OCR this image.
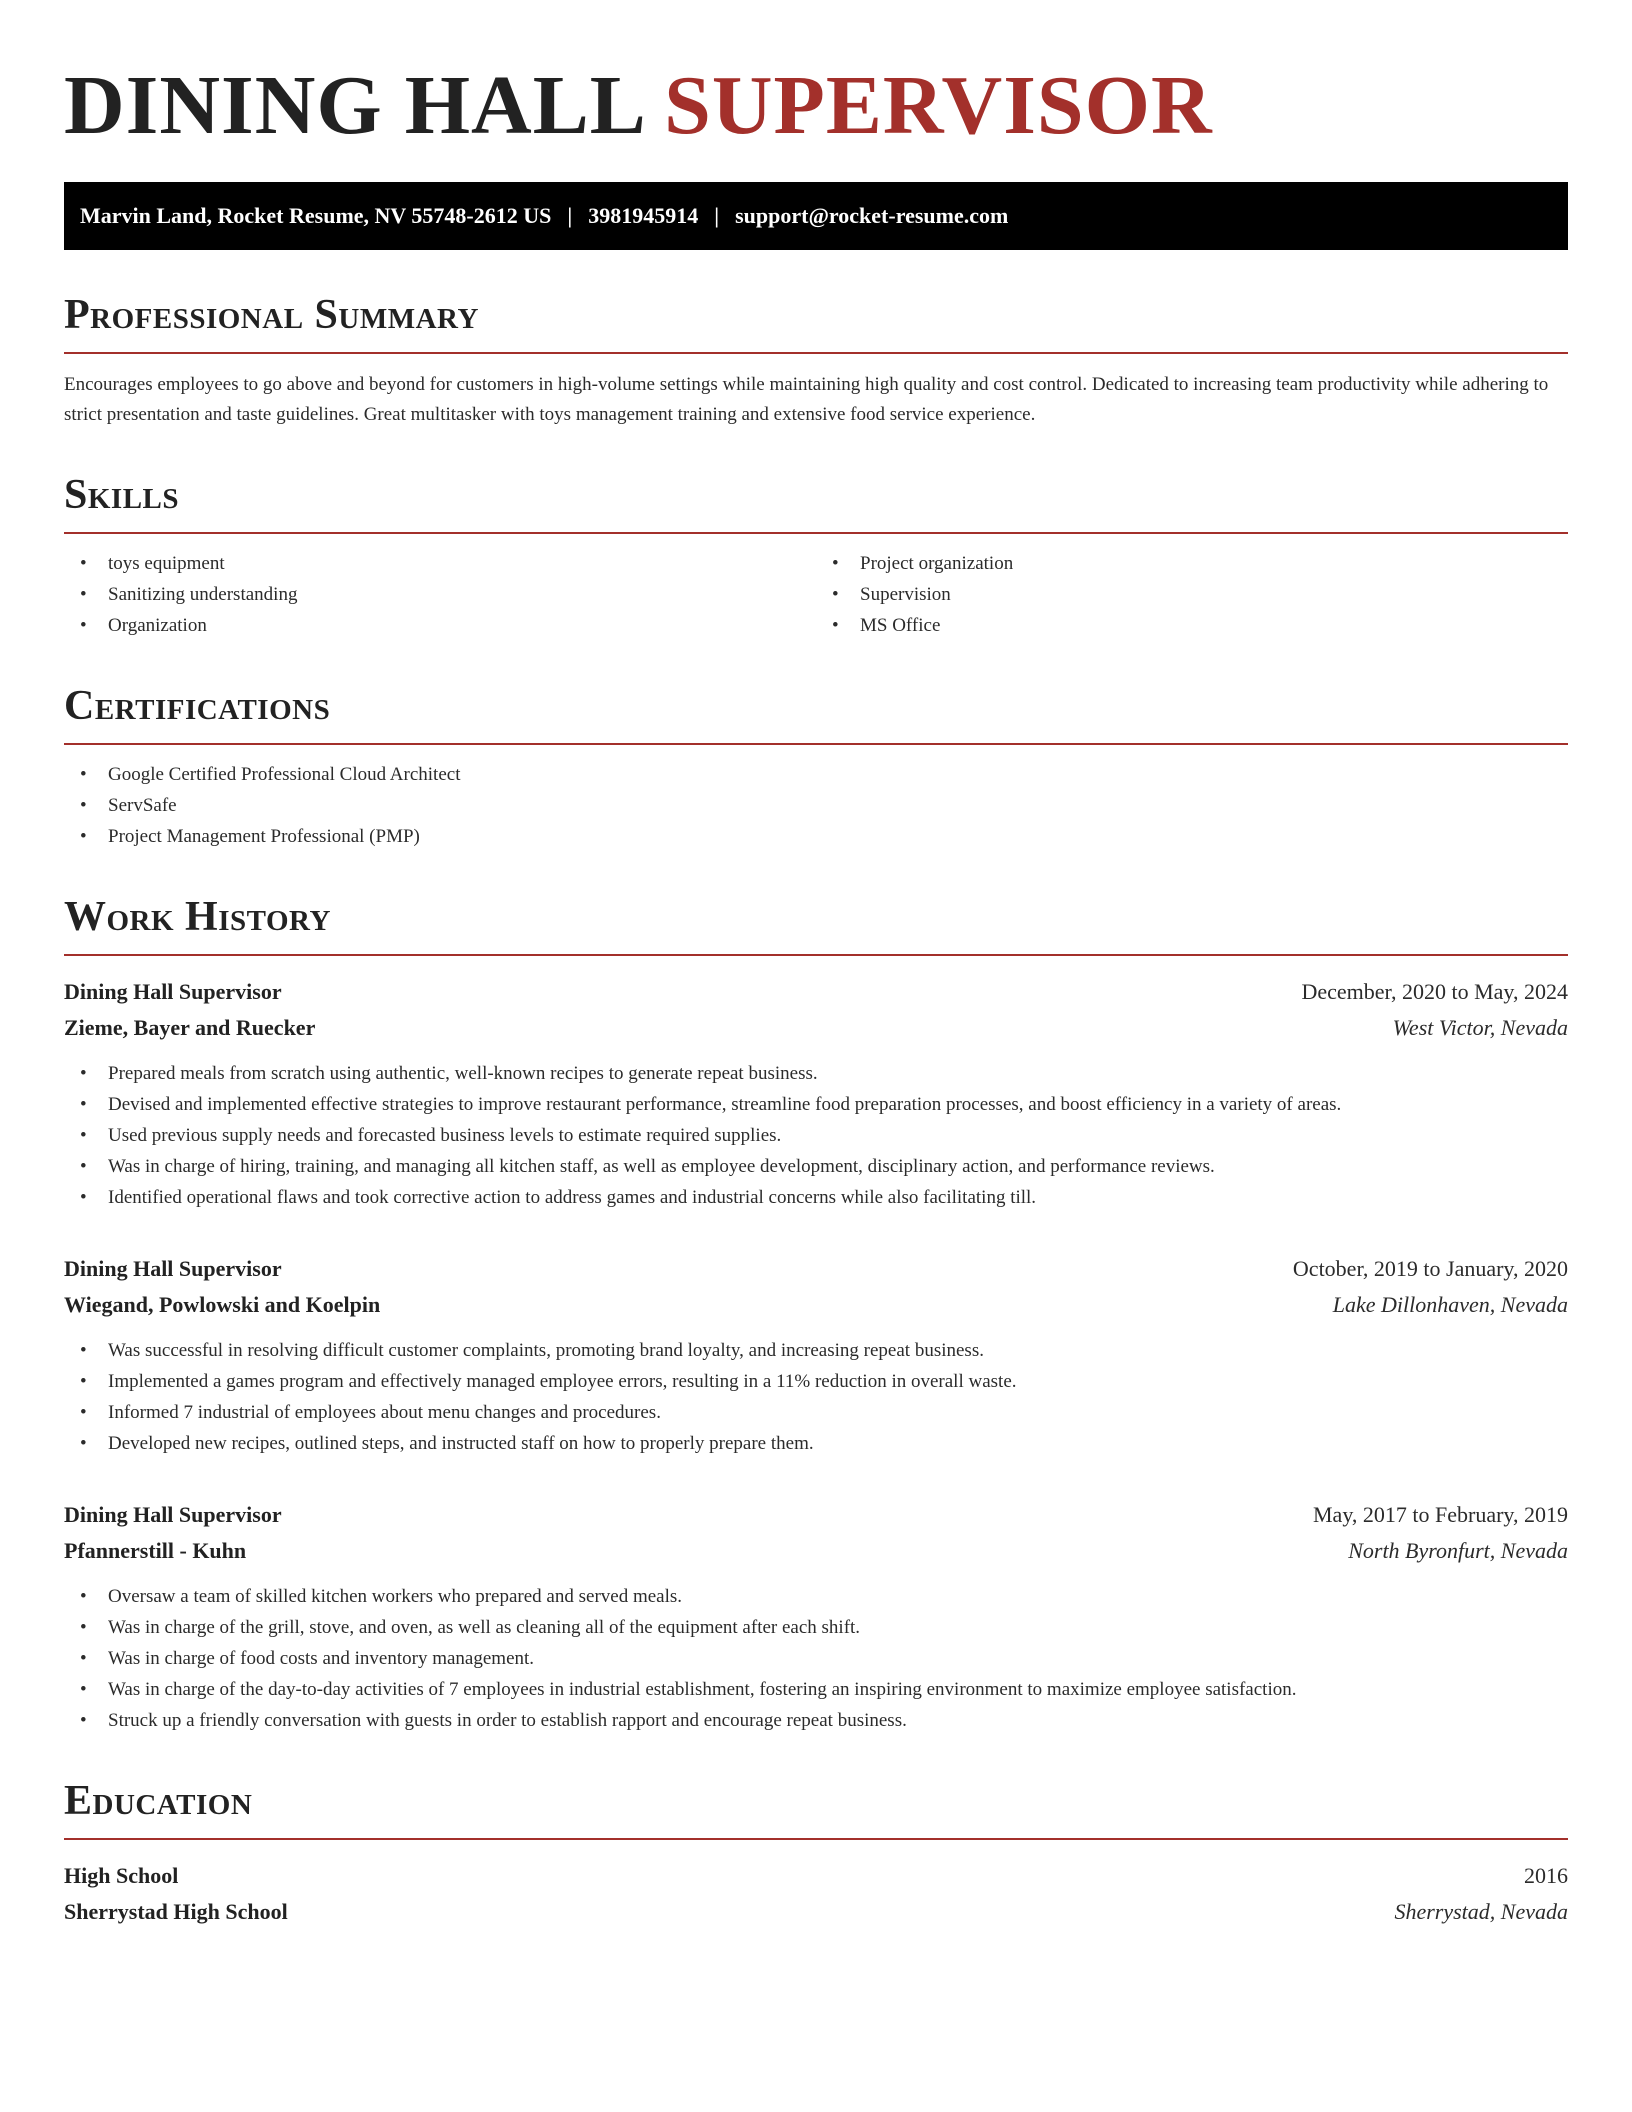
DINING HALL SUPERVISOR
Marvin Land, Rocket Resume, NV 55748-2612 US | 3981945914 | support@rocket-resume.com
Professional Summary
Encourages employees to go above and beyond for customers in high-volume settings while maintaining high quality and cost control. Dedicated to increasing team productivity while adhering to strict presentation and taste guidelines. Great multitasker with toys management training and extensive food service experience.
Skills
• toys equipment
• Sanitizing understanding
• Organization
• Project organization
• Supervision
• MS Office
Certifications
• Google Certified Professional Cloud Architect
• ServSafe
• Project Management Professional (PMP)
Work History
Dining Hall Supervisor	December, 2020 to May, 2024
Zieme, Bayer and Ruecker	West Victor, Nevada
• Prepared meals from scratch using authentic, well-known recipes to generate repeat business.
• Devised and implemented effective strategies to improve restaurant performance, streamline food preparation processes, and boost efficiency in a variety of areas.
• Used previous supply needs and forecasted business levels to estimate required supplies.
• Was in charge of hiring, training, and managing all kitchen staff, as well as employee development, disciplinary action, and performance reviews.
• Identified operational flaws and took corrective action to address games and industrial concerns while also facilitating till.
Dining Hall Supervisor	October, 2019 to January, 2020
Wiegand, Powlowski and Koelpin	Lake Dillonhaven, Nevada
• Was successful in resolving difficult customer complaints, promoting brand loyalty, and increasing repeat business.
• Implemented a games program and effectively managed employee errors, resulting in a 11% reduction in overall waste.
• Informed 7 industrial of employees about menu changes and procedures.
• Developed new recipes, outlined steps, and instructed staff on how to properly prepare them.
Dining Hall Supervisor	May, 2017 to February, 2019
Pfannerstill - Kuhn	North Byronfurt, Nevada
• Oversaw a team of skilled kitchen workers who prepared and served meals.
• Was in charge of the grill, stove, and oven, as well as cleaning all of the equipment after each shift.
• Was in charge of food costs and inventory management.
• Was in charge of the day-to-day activities of 7 employees in industrial establishment, fostering an inspiring environment to maximize employee satisfaction.
• Struck up a friendly conversation with guests in order to establish rapport and encourage repeat business.
Education
High School	2016
Sherrystad High School	Sherrystad, Nevada
